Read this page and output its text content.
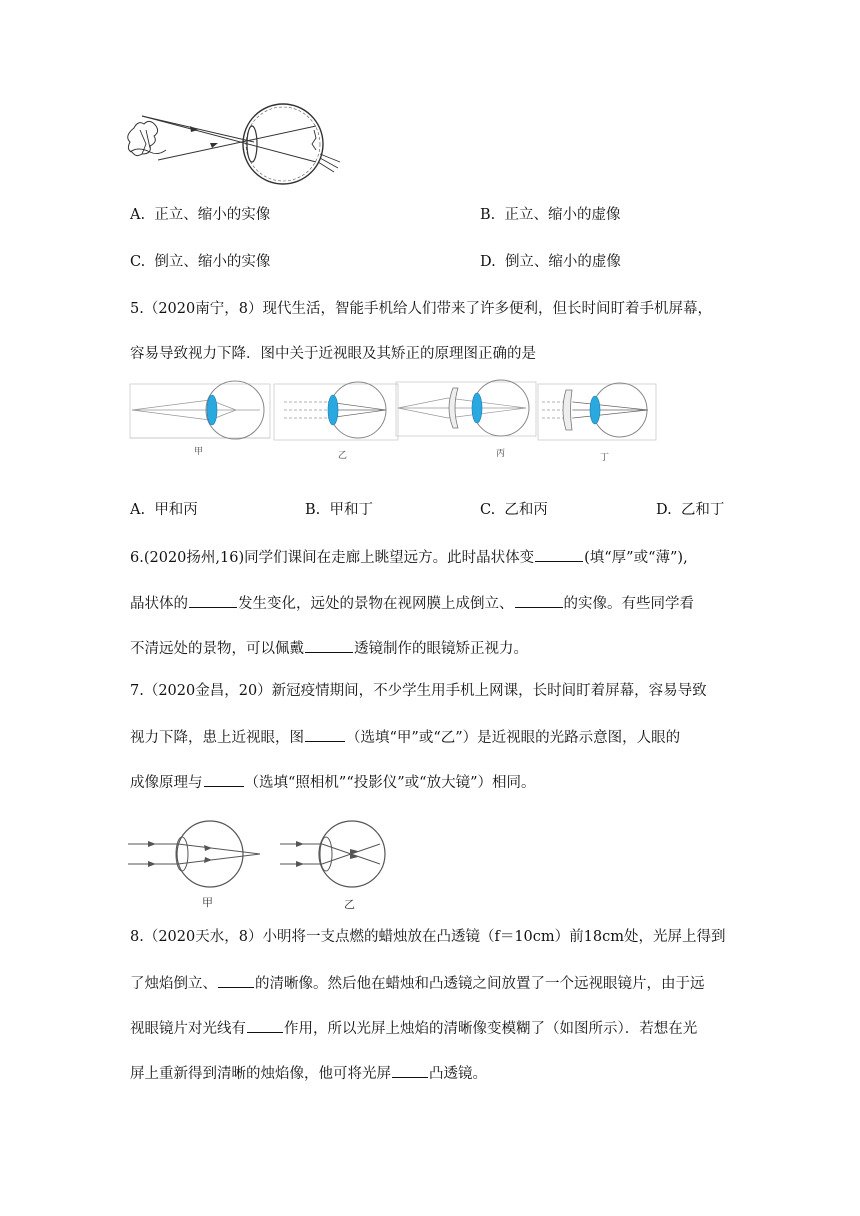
A. 正立、缩小的实像	B. 正立、缩小的虚像
C. 倒立、缩小的实像	D. 倒立、缩小的虚像
5.（2020南宁，8）现代生活，智能手机给人们带来了许多便利，但长时间盯着手机屏幕，
容易导致视力下降．图中关于近视眼及其矫正的原理图正确的是
甲	乙	丙	丁
A. 甲和丙	B. 甲和丁	C. 乙和丙	D. 乙和丁
6.(2020扬州,16)同学们课间在走廊上眺望远方。此时晶状体变	(填“厚”或“薄”),
晶状体的	发生变化，远处的景物在视网膜上成倒立、	的实像。有些同学看
不清远处的景物，可以佩戴	透镜制作的眼镜矫正视力。
7.（2020金昌，20）新冠疫情期间，不少学生用手机上网课，长时间盯着屏幕，容易导致
视力下降，患上近视眼，图	（选填“甲”或“乙”）是近视眼的光路示意图，人眼的
成像原理与	（选填“照相机”“投影仪”或“放大镜”）相同。
甲	乙
8.（2020天水，8）小明将一支点燃的蜡烛放在凸透镜（f＝10cm）前18cm处，光屏上得到
了烛焰倒立、	的清晰像。然后他在蜡烛和凸透镜之间放置了一个远视眼镜片，由于远
视眼镜片对光线有	作用，所以光屏上烛焰的清晰像变模糊了（如图所示）．若想在光
屏上重新得到清晰的烛焰像，他可将光屏	凸透镜。
